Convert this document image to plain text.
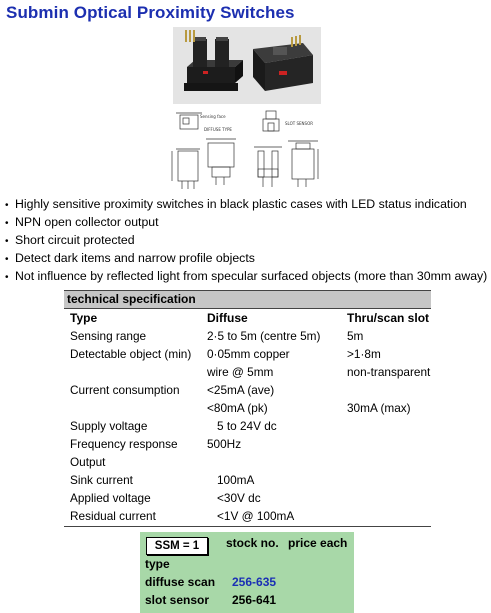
Submin Optical Proximity Switches
Sensing face
DIFFUSE TYPE
SLOT SENSOR
• Highly sensitive proximity switches in black plastic cases with LED status indication
• NPN open collector output
• Short circuit protected
• Detect dark items and narrow profile objects
• Not influence by reflected light from specular surfaced objects (more than 30mm away)
technical specification
Type	Diffuse	Thru/scan slot
Sensing range	2·5 to 5m (centre 5m)	5m
Detectable object (min)	0·05mm copper	>1·8m
	wire @ 5mm	non-transparent
Current consumption	<25mA (ave)	
	<80mA (pk)	30mA (max)
Supply voltage	5 to 24V dc	
Frequency response	500Hz	
Output		
Sink current	100mA	
Applied voltage	<30V dc	
Residual current	<1V @ 100mA	
SSM = 1	stock no. price each
type
diffuse scan 256-635
slot sensor 256-641
